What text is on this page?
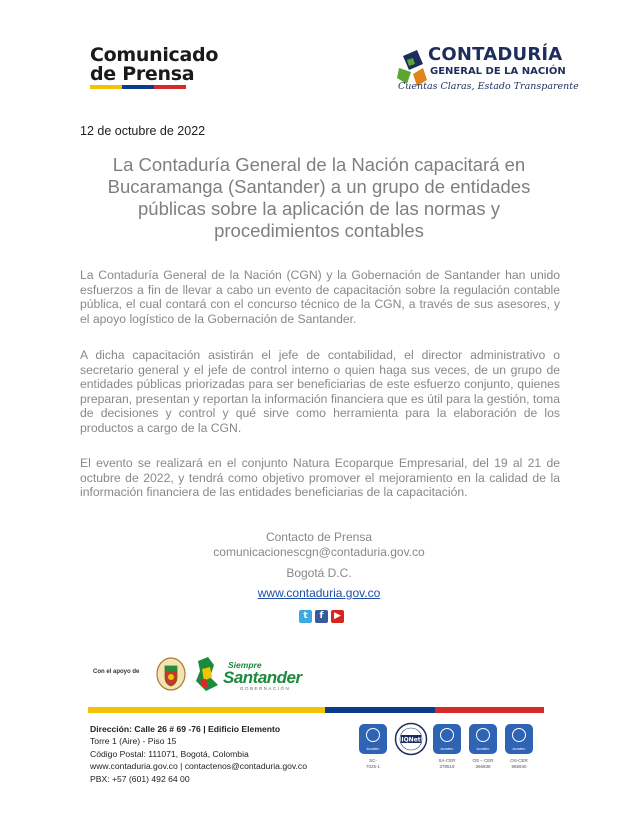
Comunicado
de Prensa
CONTADURÍA
GENERAL DE LA NACIÓN
Cuentas Claras, Estado Transparente
12 de octubre de 2022
La Contaduría General de la Nación capacitará en Bucaramanga (Santander) a un grupo de entidades públicas sobre la aplicación de las normas y procedimientos contables
La Contaduría General de la Nación (CGN) y la Gobernación de Santander han unido esfuerzos a fin de llevar a cabo un evento de capacitación sobre la regulación contable pública, el cual contará con el concurso técnico de la CGN, a través de sus asesores, y el apoyo logístico de la Gobernación de Santander.
A dicha capacitación asistirán el jefe de contabilidad, el director administrativo o secretario general y el jefe de control interno o quien haga sus veces, de un grupo de entidades públicas priorizadas para ser beneficiarias de este esfuerzo conjunto, quienes preparan, presentan y reportan la información financiera que es útil para la gestión, toma de decisiones y control y qué sirve como herramienta para la elaboración de los productos a cargo de la CGN.
El evento se realizará en el conjunto Natura Ecoparque Empresarial, del 19 al 21 de octubre de 2022, y tendrá como objetivo promover el mejoramiento en la calidad de la información financiera de las entidades beneficiarias de la capacitación.
Contacto de Prensa
comunicacionescgn@contaduria.gov.co
Bogotá D.C.
www.contaduria.gov.co
t	f	▶
Con el apoyo de
Siempre
Santander
GOBERNACIÓN
Dirección: Calle 26 # 69 -76 | Edificio Elemento
Torre 1 (Aire) - Piso 15
Código Postal: 111071, Bogotá, Colombia
www.contaduria.gov.co | contactenos@contaduria.gov.co
PBX: +57 (601) 492 64 00
icontec
SC-
7025-1
IQNet
icontec
SA-CER
378519
icontec
OS – CER
366838
icontec
OS-CER
965940
